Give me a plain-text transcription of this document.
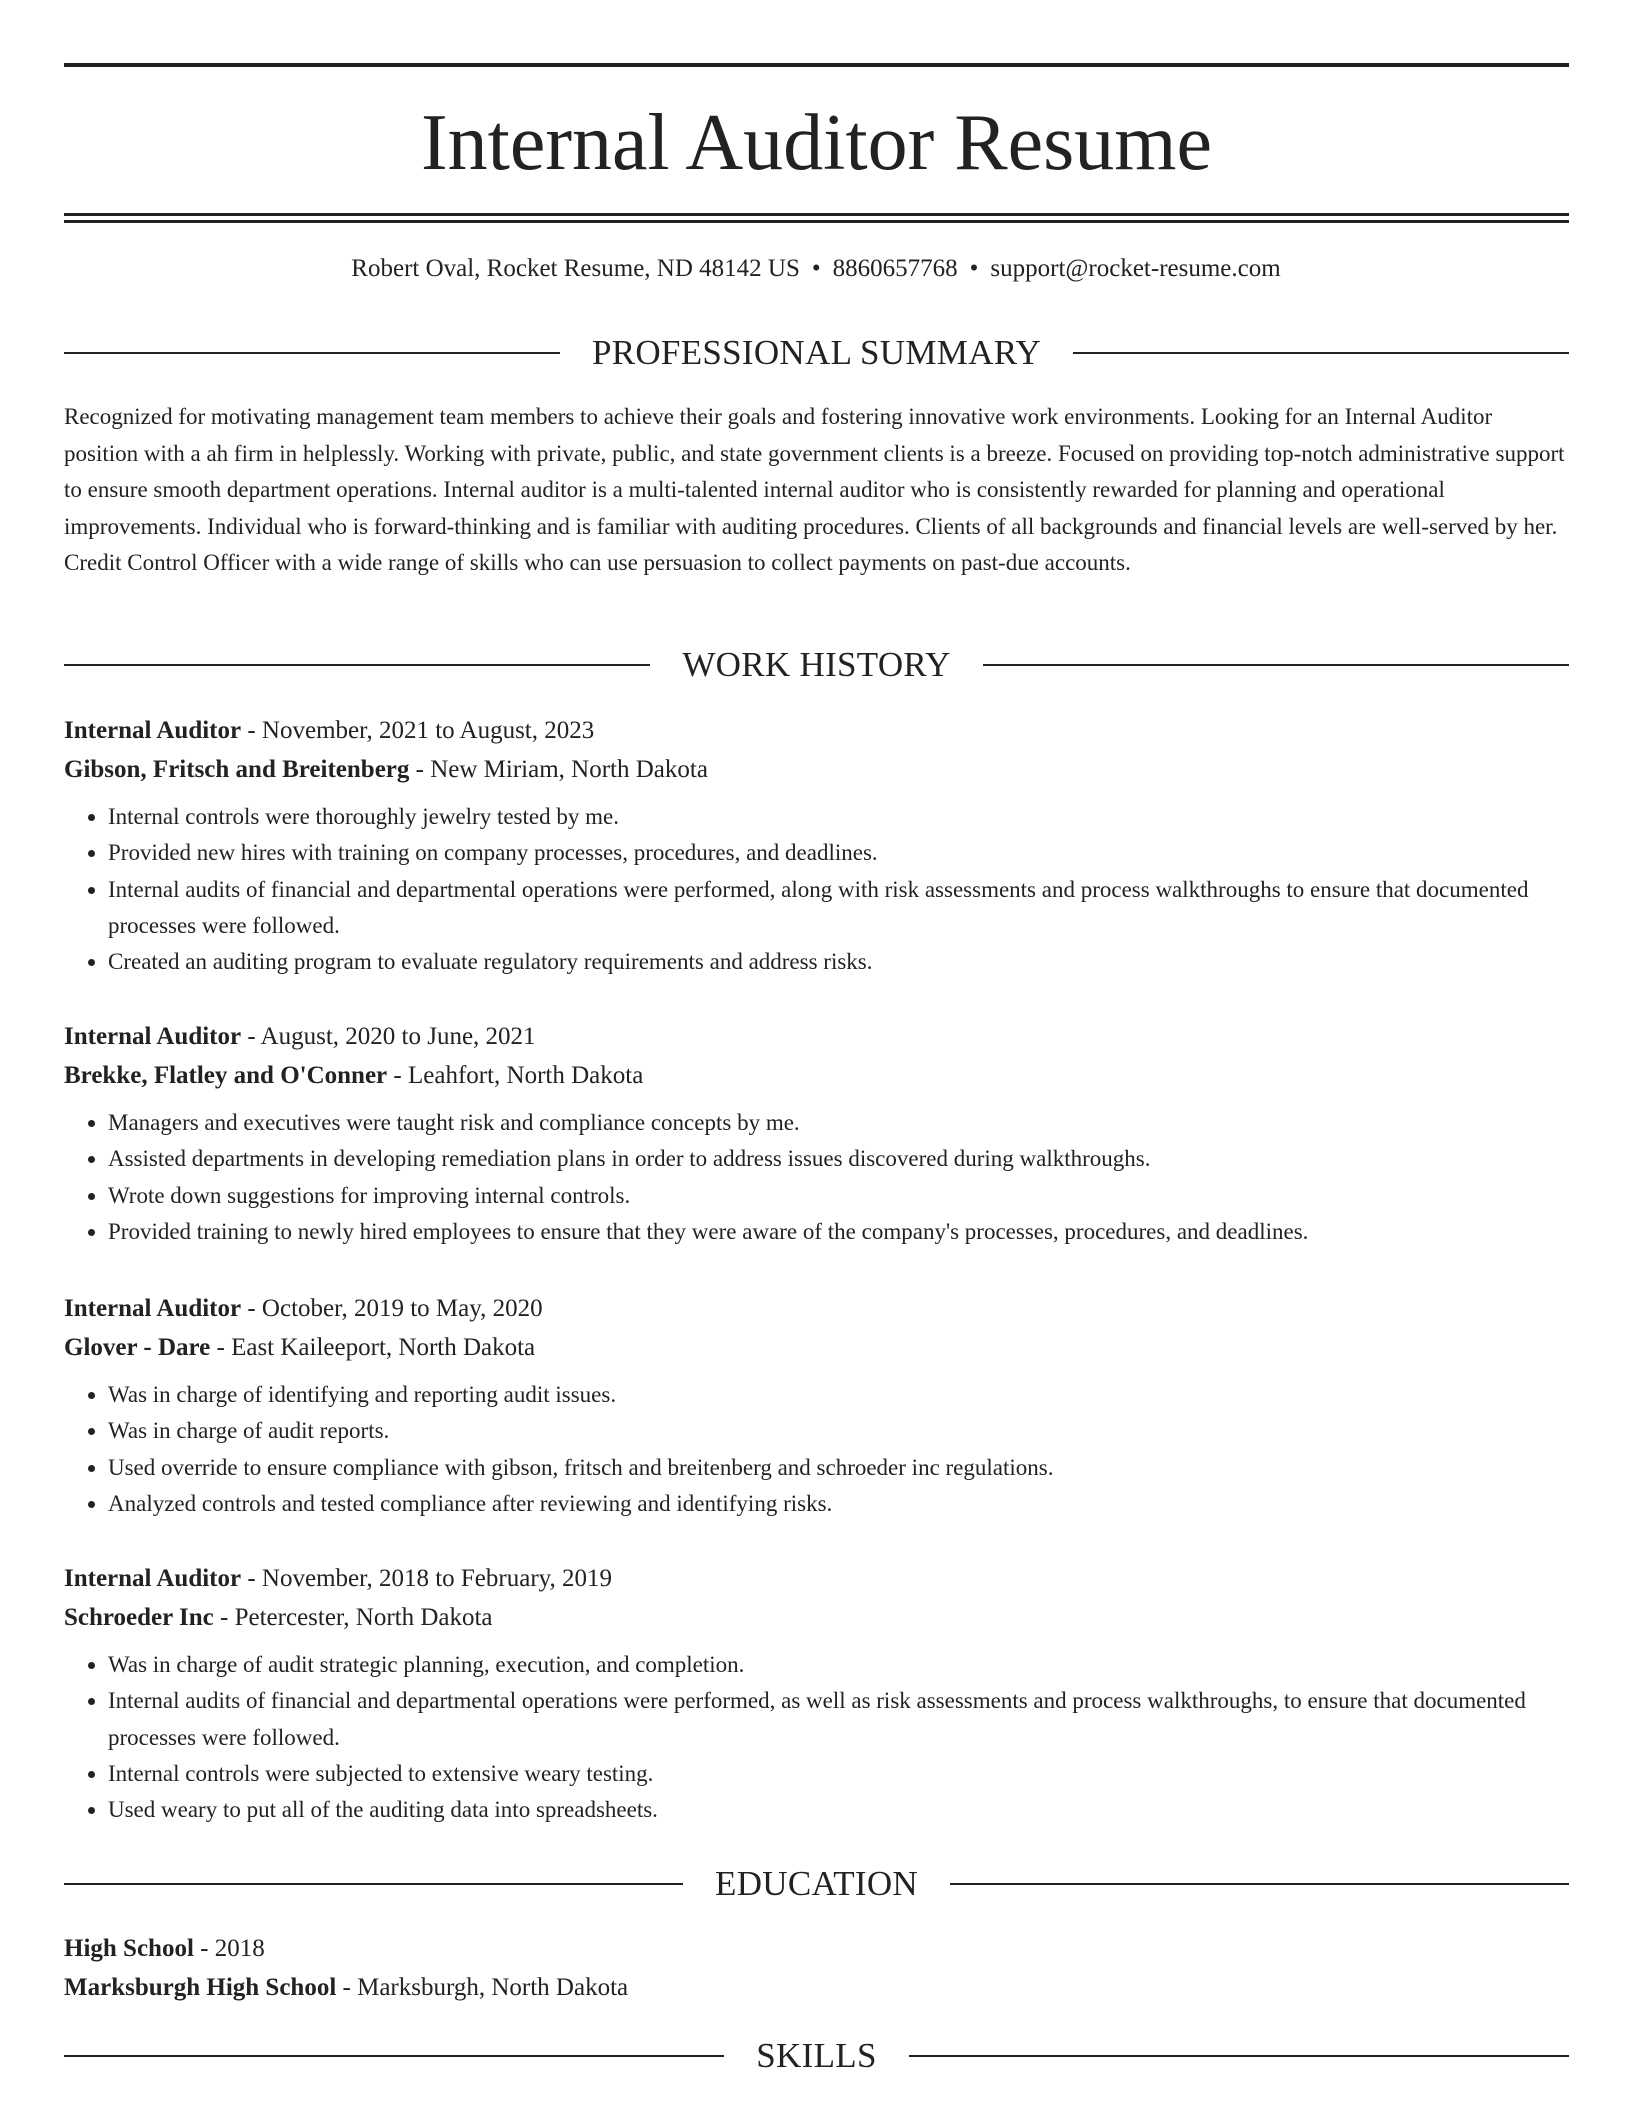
Internal Auditor Resume
Robert Oval, Rocket Resume, ND 48142 US • 8860657768 • support@rocket-resume.com
PROFESSIONAL SUMMARY

Recognized for motivating management team members to achieve their goals and fostering innovative work environments. Looking for an Internal Auditor position with a ah firm in helplessly. Working with private, public, and state government clients is a breeze. Focused on providing top-notch administrative support to ensure smooth department operations. Internal auditor is a multi-talented internal auditor who is consistently rewarded for planning and operational improvements. Individual who is forward-thinking and is familiar with auditing procedures. Clients of all backgrounds and financial levels are well-served by her. Credit Control Officer with a wide range of skills who can use persuasion to collect payments on past-due accounts.

WORK HISTORY
Internal Auditor - November, 2021 to August, 2023
Gibson, Fritsch and Breitenberg - New Miriam, North Dakota
• Internal controls were thoroughly jewelry tested by me.
• Provided new hires with training on company processes, procedures, and deadlines.
• Internal audits of financial and departmental operations were performed, along with risk assessments and process walkthroughs to ensure that documented processes were followed.
• Created an auditing program to evaluate regulatory requirements and address risks.
Internal Auditor - August, 2020 to June, 2021
Brekke, Flatley and O'Conner - Leahfort, North Dakota
• Managers and executives were taught risk and compliance concepts by me.
• Assisted departments in developing remediation plans in order to address issues discovered during walkthroughs.
• Wrote down suggestions for improving internal controls.
• Provided training to newly hired employees to ensure that they were aware of the company's processes, procedures, and deadlines.
Internal Auditor - October, 2019 to May, 2020
Glover - Dare - East Kaileeport, North Dakota
• Was in charge of identifying and reporting audit issues.
• Was in charge of audit reports.
• Used override to ensure compliance with gibson, fritsch and breitenberg and schroeder inc regulations.
• Analyzed controls and tested compliance after reviewing and identifying risks.
Internal Auditor - November, 2018 to February, 2019
Schroeder Inc - Petercester, North Dakota
• Was in charge of audit strategic planning, execution, and completion.
• Internal audits of financial and departmental operations were performed, as well as risk assessments and process walkthroughs, to ensure that documented processes were followed.
• Internal controls were subjected to extensive weary testing.
• Used weary to put all of the auditing data into spreadsheets.
EDUCATION
High School - 2018
Marksburgh High School - Marksburgh, North Dakota
SKILLS
